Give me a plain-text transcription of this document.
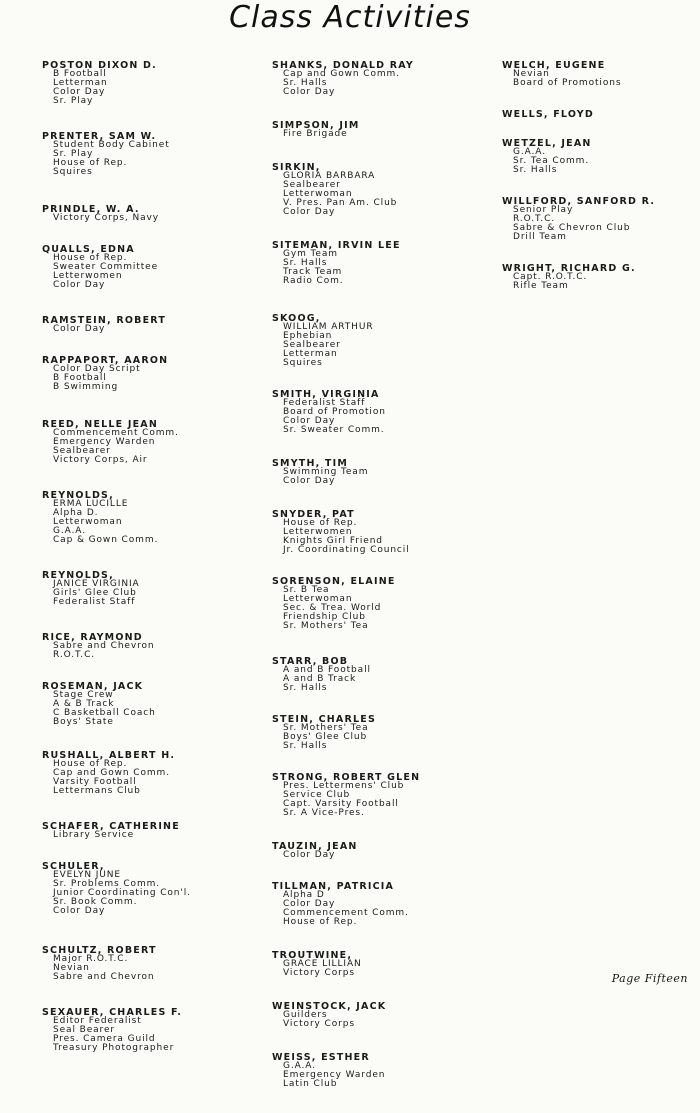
Class Activities
POSTON DIXON D.
B Football
Letterman
Color Day
Sr. Play
PRENTER, SAM W.
Student Body Cabinet
Sr. Play
House of Rep.
Squires
PRINDLE, W. A.
Victory Corps, Navy
QUALLS, EDNA
House of Rep.
Sweater Committee
Letterwomen
Color Day
RAMSTEIN, ROBERT
Color Day
RAPPAPORT, AARON
Color Day Script
B Football
B Swimming
REED, NELLE JEAN
Commencement Comm.
Emergency Warden
Sealbearer
Victory Corps, Air
REYNOLDS,
ERMA LUCILLE
Alpha D.
Letterwoman
G.A.A.
Cap & Gown Comm.
REYNOLDS,
JANICE VIRGINIA
Girls' Glee Club
Federalist Staff
RICE, RAYMOND
Sabre and Chevron
R.O.T.C.
ROSEMAN, JACK
Stage Crew
A & B Track
C Basketball Coach
Boys' State
RUSHALL, ALBERT H.
House of Rep.
Cap and Gown Comm.
Varsity Football
Lettermans Club
SCHAFER, CATHERINE
Library Service
SCHULER,
EVELYN JUNE
Sr. Problems Comm.
Junior Coordinating Con'l.
Sr. Book Comm.
Color Day
SCHULTZ, ROBERT
Major R.O.T.C.
Nevian
Sabre and Chevron
SEXAUER, CHARLES F.
Editor Federalist
Seal Bearer
Pres. Camera Guild
Treasury Photographer
SHANKS, DONALD RAY
Cap and Gown Comm.
Sr. Halls
Color Day
SIMPSON, JIM
Fire Brigade
SIRKIN,
GLORIA BARBARA
Sealbearer
Letterwoman
V. Pres. Pan Am. Club
Color Day
SITEMAN, IRVIN LEE
Gym Team
Sr. Halls
Track Team
Radio Com.
SKOOG,
WILLIAM ARTHUR
Ephebian
Sealbearer
Letterman
Squires
SMITH, VIRGINIA
Federalist Staff
Board of Promotion
Color Day
Sr. Sweater Comm.
SMYTH, TIM
Swimming Team
Color Day
SNYDER, PAT
House of Rep.
Letterwomen
Knights Girl Friend
Jr. Coordinating Council
SORENSON, ELAINE
Sr. B Tea
Letterwoman
Sec. & Trea. World
Friendship Club
Sr. Mothers' Tea
STARR, BOB
A and B Football
A and B Track
Sr. Halls
STEIN, CHARLES
Sr. Mothers' Tea
Boys' Glee Club
Sr. Halls
STRONG, ROBERT GLEN
Pres. Lettermens' Club
Service Club
Capt. Varsity Football
Sr. A Vice-Pres.
TAUZIN, JEAN
Color Day
TILLMAN, PATRICIA
Alpha D
Color Day
Commencement Comm.
House of Rep.
TROUTWINE,
GRACE LILLIAN
Victory Corps
WEINSTOCK, JACK
Guilders
Victory Corps
WEISS, ESTHER
G.A.A.
Emergency Warden
Latin Club
WELCH, EUGENE
Nevian
Board of Promotions
WELLS, FLOYD
WETZEL, JEAN
G.A.A.
Sr. Tea Comm.
Sr. Halls
WILLFORD, SANFORD R.
Senior Play
R.O.T.C.
Sabre & Chevron Club
Drill Team
WRIGHT, RICHARD G.
Capt. R.O.T.C.
Rifle Team
Page Fifteen
